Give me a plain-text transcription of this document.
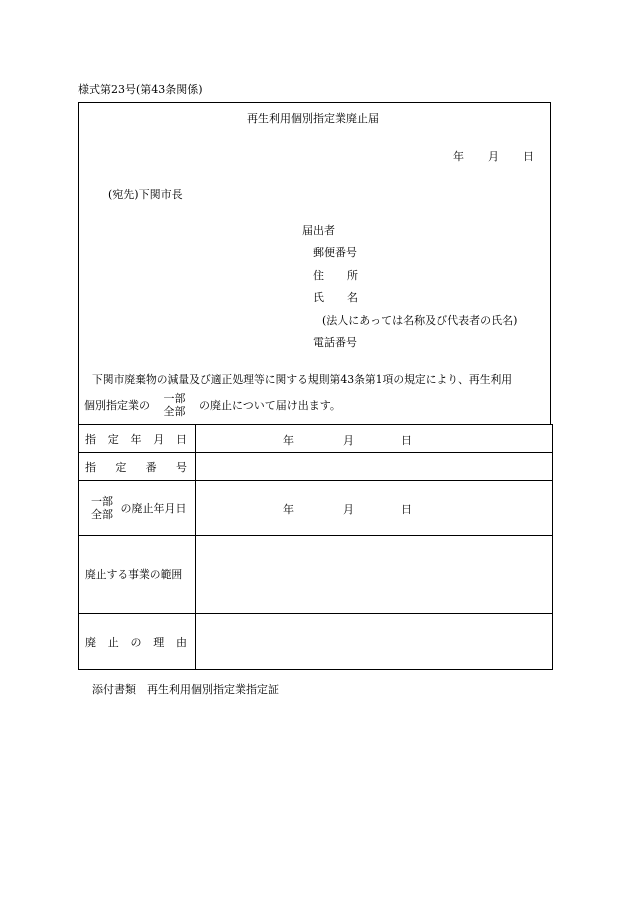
様式第23号(第43条関係)
再生利用個別指定業廃止届
年 月 日
(宛先)下関市長
届出者
郵便番号
住 所
氏 名
(法人にあっては名称及び代表者の氏名)
電話番号
下関市廃棄物の減量及び適正処理等に関する規則第43条第1項の規定により、再生利用
個別指定業の
一部
全部 の廃止について届け出ます。
指 定 年 月 日	年 月 日

指 定 番 号	

一部
全部 の廃止年月日	年 月 日

廃止する事業の範囲	

廃 止 の 理 由	

添付書類　再生利用個別指定業指定証
